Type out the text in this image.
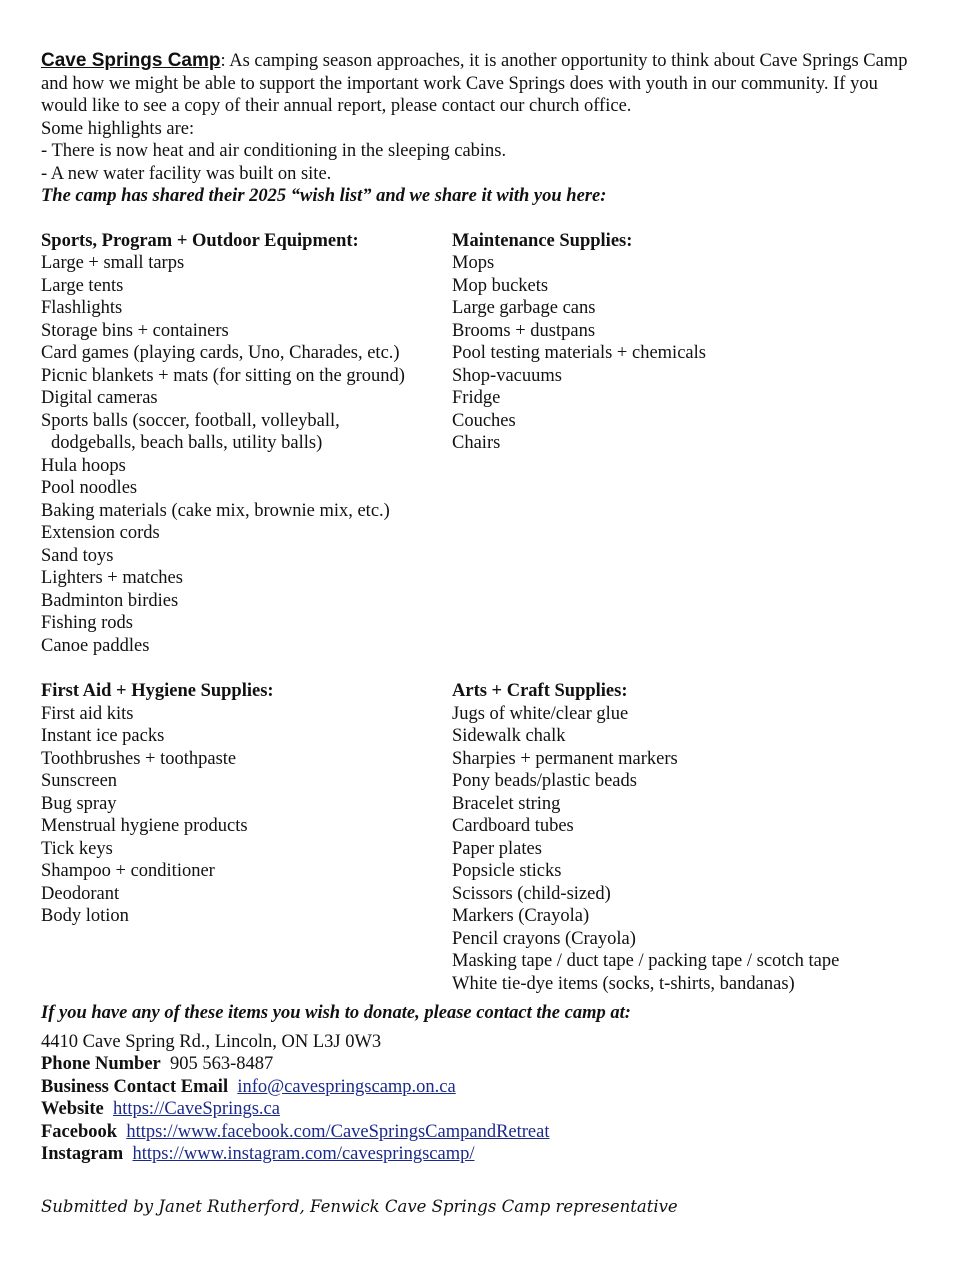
Cave Springs Camp: As camping season approaches, it is another opportunity to think about Cave Springs Camp and how we might be able to support the important work Cave Springs does with youth in our community. If you would like to see a copy of their annual report, please contact our church office.

Some highlights are:

- There is now heat and air conditioning in the sleeping cabins.

- A new water facility was built on site.

The camp has shared their 2025 “wish list” and we share it with you here:

Sports, Program + Outdoor Equipment:
Large + small tarps
Large tents
Flashlights
Storage bins + containers
Card games (playing cards, Uno, Charades, etc.)
Picnic blankets + mats (for sitting on the ground)
Digital cameras
Sports balls (soccer, football, volleyball,
dodgeballs, beach balls, utility balls)
Hula hoops
Pool noodles
Baking materials (cake mix, brownie mix, etc.)
Extension cords
Sand toys
Lighters + matches
Badminton birdies
Fishing rods
Canoe paddles
Maintenance Supplies:
Mops
Mop buckets
Large garbage cans
Brooms + dustpans
Pool testing materials + chemicals
Shop-vacuums
Fridge
Couches
Chairs
First Aid + Hygiene Supplies:
First aid kits
Instant ice packs
Toothbrushes + toothpaste
Sunscreen
Bug spray
Menstrual hygiene products
Tick keys
Shampoo + conditioner
Deodorant
Body lotion
Arts + Craft Supplies:
Jugs of white/clear glue
Sidewalk chalk
Sharpies + permanent markers
Pony beads/plastic beads
Bracelet string
Cardboard tubes
Paper plates
Popsicle sticks
Scissors (child-sized)
Markers (Crayola)
Pencil crayons (Crayola)
Masking tape / duct tape / packing tape / scotch tape
White tie-dye items (socks, t-shirts, bandanas)
If you have any of these items you wish to donate, please contact the camp at:
4410 Cave Spring Rd., Lincoln, ON L3J 0W3
Phone Number 905 563-8487
Business Contact Email info@cavespringscamp.on.ca
Website https://CaveSprings.ca
Facebook https://www.facebook.com/CaveSpringsCampandRetreat
Instagram https://www.instagram.com/cavespringscamp/
Submitted by Janet Rutherford, Fenwick Cave Springs Camp representative
